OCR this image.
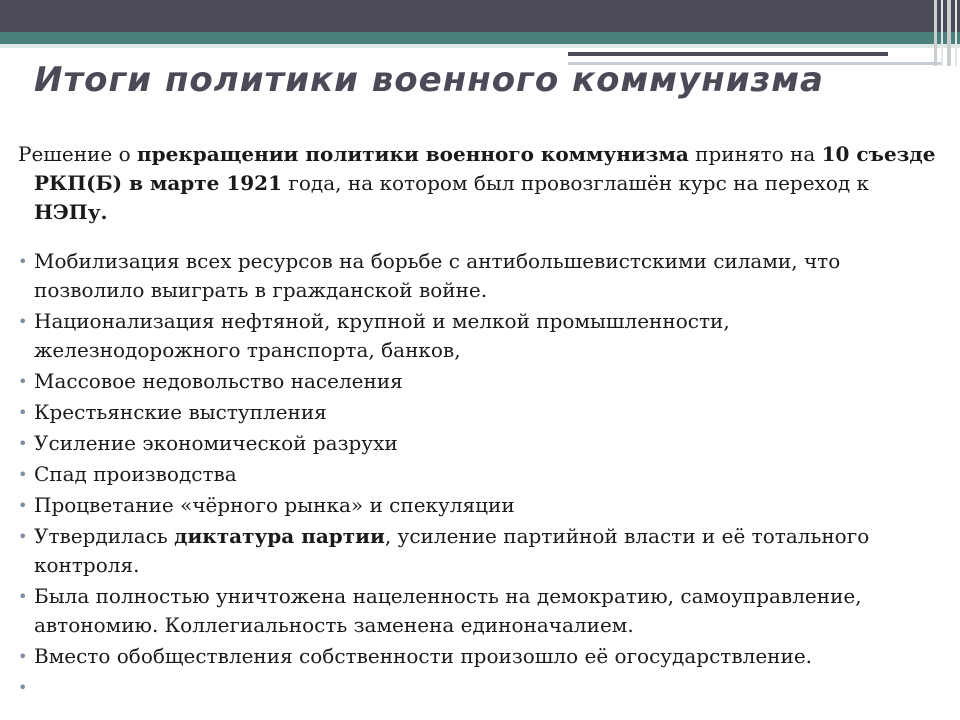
Итоги политики военного коммунизма

Решение о прекращении политики военного коммунизма принято на 10 съезде РКП(Б) в марте 1921 года, на котором был провозглашён курс на переход к НЭПу.

• Мобилизация всех ресурсов на борьбе с антибольшевистскими силами, что позволило выиграть в гражданской войне.
• Национализация нефтяной, крупной и мелкой промышленности, железнодорожного транспорта, банков,
• Массовое недовольство населения
• Крестьянские выступления
• Усиление экономической разрухи
• Спад производства
• Процветание «чёрного рынка» и спекуляции
• Утвердилась диктатура партии, усиление партийной власти и её тотального контроля.
• Была полностью уничтожена нацеленность на демократию, самоуправление, автономию. Коллегиальность заменена единоначалием.
• Вместо обобществления собственности произошло её огосударствление.
•
